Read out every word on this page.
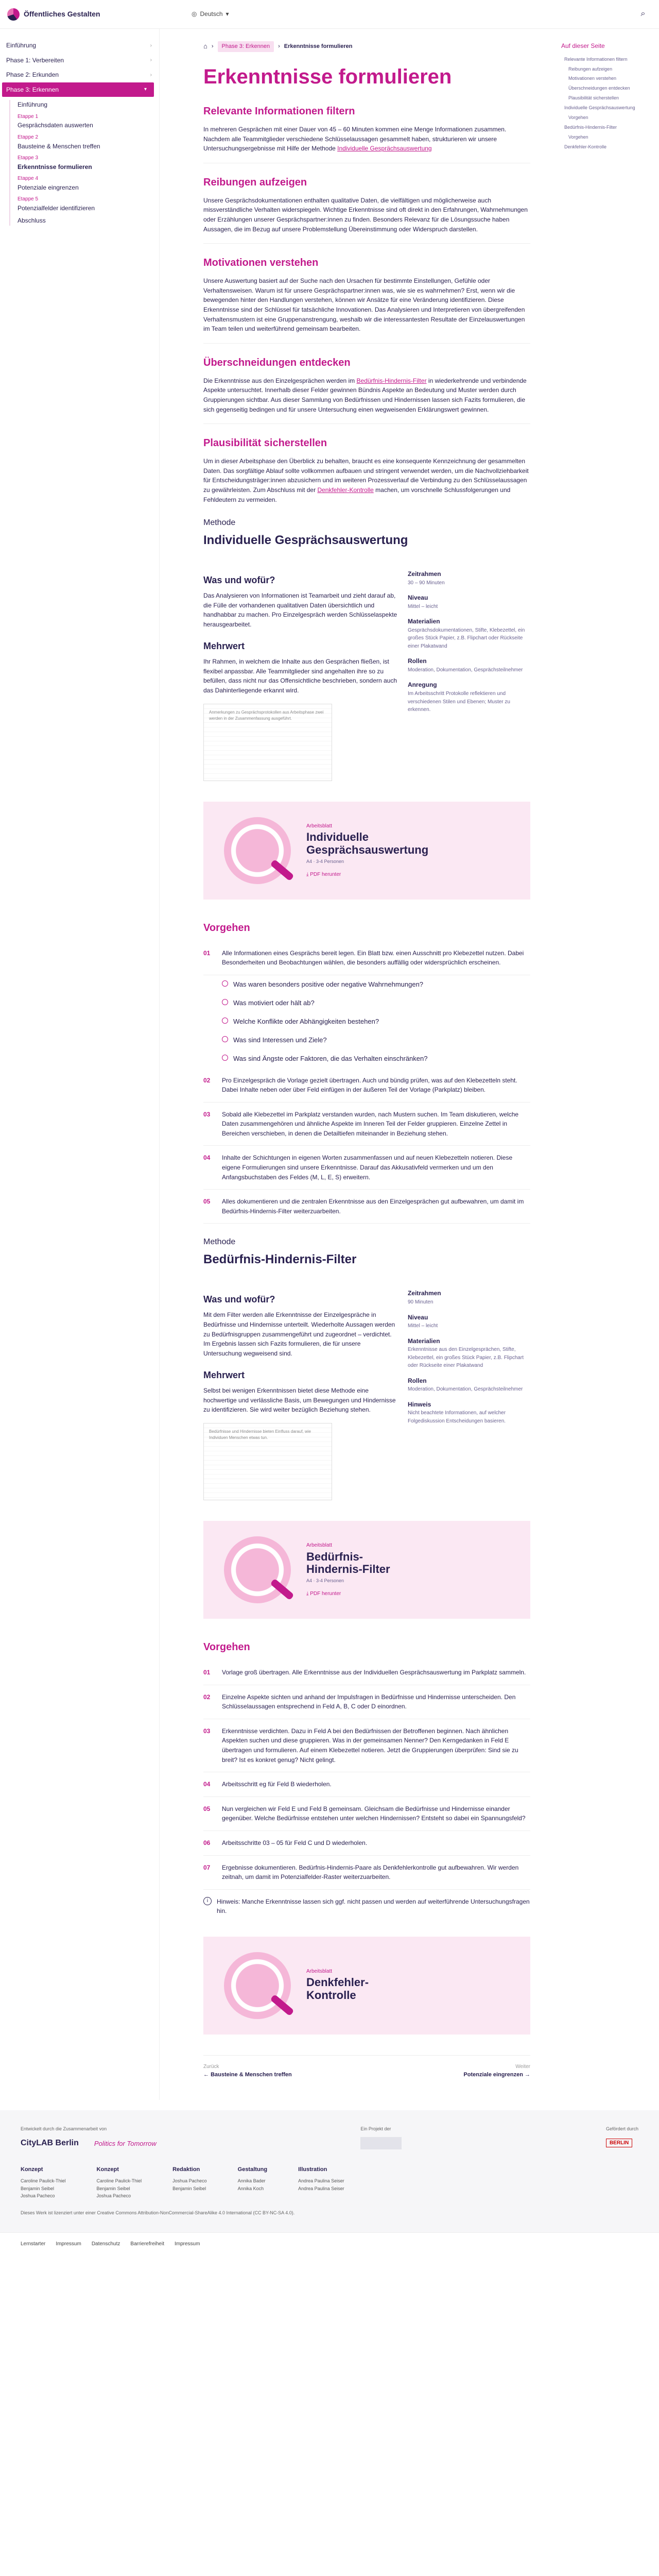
Öffentliches Gestalten	◎ Deutsch ▾	⌕
Einführung	›
Phase 1: Verbereiten	›
Phase 2: Erkunden	›
Phase 3: Erkennen	▾
Einführung
Etappe 1
Gesprächsdaten auswerten
Etappe 2
Bausteine & Menschen treffen
Etappe 3
Erkenntnisse formulieren
Etappe 4
Potenziale eingrenzen
Etappe 5
Potenzialfelder identifizieren
Abschluss
⌂ ›	Phase 3: Erkennen	› Erkenntnisse formulieren
Erkenntnisse formulieren
Relevante Informationen filtern

In mehreren Gesprächen mit einer Dauer von 45 – 60 Minuten kommen eine Menge Informationen zusammen. Nachdem alle Teammitglieder verschiedene Schlüsselaussagen gesammelt haben, strukturieren wir unsere Untersuchungsergebnisse mit Hilfe der Methode Individuelle Gesprächsauswertung

Reibungen aufzeigen

Unsere Gesprächsdokumentationen enthalten qualitative Daten, die vielfältigen und möglicherweise auch missverständliche Verhalten widerspiegeln. Wichtige Erkenntnisse sind oft direkt in den Erfahrungen, Wahrnehmungen oder Erzählungen unserer Gesprächspartner:innen zu finden. Besonders Relevanz für die Lösungssuche haben Aussagen, die im Bezug auf unsere Problemstellung Übereinstimmung oder Widerspruch darstellen.

Motivationen verstehen

Unsere Auswertung basiert auf der Suche nach den Ursachen für bestimmte Einstellungen, Gefühle oder Verhaltensweisen. Warum ist für unsere Gesprächspartner:innen was, wie sie es wahrnehmen? Erst, wenn wir die bewegenden hinter den Handlungen verstehen, können wir Ansätze für eine Veränderung identifizieren. Diese Erkenntnisse sind der Schlüssel für tatsächliche Innovationen. Das Analysieren und Interpretieren von übergreifenden Verhaltensmustern ist eine Gruppenanstrengung, weshalb wir die interessantesten Resultate der Einzelauswertungen im Team teilen und weiterführend gemeinsam bearbeiten.

Überschneidungen entdecken

Die Erkenntnisse aus den Einzelgesprächen werden im Bedürfnis-Hindernis-Filter in wiederkehrende und verbindende Aspekte untersuchtet. Innerhalb dieser Felder gewinnen Bündnis Aspekte an Bedeutung und Muster werden durch Gruppierungen sichtbar. Aus dieser Sammlung von Bedürfnissen und Hindernissen lassen sich Fazits formulieren, die sich gegenseitig bedingen und für unsere Untersuchung einen wegweisenden Erklärungswert gewinnen.

Plausibilität sicherstellen

Um in dieser Arbeitsphase den Überblick zu behalten, braucht es eine konsequente Kennzeichnung der gesammelten Daten. Das sorgfältige Ablauf sollte vollkommen aufbauen und stringent verwendet werden, um die Nachvollziehbarkeit für Entscheidungsträger:innen abzusichern und im weiteren Prozessverlauf die Verbindung zu den Schlüsselaussagen zu gewährleisten. Zum Abschluss mit der Denkfehler-Kontrolle machen, um vorschnelle Schlussfolgerungen und Fehldeutern zu vermeiden.

Methode
Individuelle Gesprächsauswertung
Was und wofür?

Das Analysieren von Informationen ist Teamarbeit und zieht darauf ab, die Fülle der vorhandenen qualitativen Daten übersichtlich und handhabbar zu machen. Pro Einzelgespräch werden Schlüsselaspekte herausgearbeitet.

Mehrwert

Ihr Rahmen, in welchem die Inhalte aus den Gesprächen fließen, ist flexibel anpassbar. Alle Teammitglieder sind angehalten ihre so zu befüllen, dass nicht nur das Offensichtliche beschrieben, sondern auch das Dahinterliegende erkannt wird.

Anmerkungen zu Gesprächsprotokollen aus Arbeitsphase zwei werden in der Zusammenfassung ausgeführt.
Zeitrahmen
30 – 90 Minuten
Niveau
Mittel – leicht
Materialien
Gesprächsdokumentationen, Stifte, Klebezettel, ein großes Stück Papier, z.B. Flipchart oder Rückseite einer Plakatwand
Rollen
Moderation, Dokumentation, Gesprächsteilnehmer
Anregung
Im Arbeitsschritt Protokolle reflektieren und verschiedenen Stilen und Ebenen; Muster zu erkennen.
Arbeitsblatt
Individuelle Gesprächsauswertung
A4 · 3-4 Personen
⤓ PDF herunter
Vorgehen
01	Alle Informationen eines Gesprächs bereit legen. Ein Blatt bzw. einen Ausschnitt pro Klebezettel nutzen. Dabei Besonderheiten und Beobachtungen wählen, die besonders auffällig oder widersprüchlich erscheinen.
Was waren besonders positive oder negative Wahrnehmungen?
Was motiviert oder hält ab?
Welche Konflikte oder Abhängigkeiten bestehen?
Was sind Interessen und Ziele?
Was sind Ängste oder Faktoren, die das Verhalten einschränken?
02	Pro Einzelgespräch die Vorlage gezielt übertragen. Auch und bündig prüfen, was auf den Klebezetteln steht. Dabei Inhalte neben oder über Feld einfügen in der äußeren Teil der Vorlage (Parkplatz) bleiben.
03	Sobald alle Klebezettel im Parkplatz verstanden wurden, nach Mustern suchen. Im Team diskutieren, welche Daten zusammengehören und ähnliche Aspekte im Inneren Teil der Felder gruppieren. Einzelne Zettel in Bereichen verschieben, in denen die Detailtiefen miteinander in Beziehung stehen.
04	Inhalte der Schichtungen in eigenen Worten zusammenfassen und auf neuen Klebezetteln notieren. Diese eigene Formulierungen sind unsere Erkenntnisse. Darauf das Akkusativfeld vermerken und um den Anfangsbuchstaben des Feldes (M, L, E, S) erweitern.
05	Alles dokumentieren und die zentralen Erkenntnisse aus den Einzelgesprächen gut aufbewahren, um damit im Bedürfnis-Hindernis-Filter weiterzuarbeiten.
Methode
Bedürfnis-Hindernis-Filter
Was und wofür?

Mit dem Filter werden alle Erkenntnisse der Einzelgespräche in Bedürfnisse und Hindernisse unterteilt. Wiederholte Aussagen werden zu Bedürfnisgruppen zusammengeführt und zugeordnet – verdichtet. Im Ergebnis lassen sich Fazits formulieren, die für unsere Untersuchung wegweisend sind.

Mehrwert

Selbst bei wenigen Erkenntnissen bietet diese Methode eine hochwertige und verlässliche Basis, um Bewegungen und Hindernisse zu identifizieren. Sie wird weiter bezüglich Beziehung stehen.

Bedürfnisse und Hindernisse bieten Einfluss darauf, wie Individuen Menschen etwas tun.
Zeitrahmen
90 Minuten
Niveau
Mittel – leicht
Materialien
Erkenntnisse aus den Einzelgesprächen, Stifte, Klebezettel, ein großes Stück Papier, z.B. Flipchart oder Rückseite einer Plakatwand
Rollen
Moderation, Dokumentation, Gesprächsteilnehmer
Hinweis
Nicht beachtete Informationen, auf welcher Folgediskussion Entscheidungen basieren.
Arbeitsblatt
Bedürfnis-Hindernis-Filter
A4 · 3-4 Personen
⤓ PDF herunter
Vorgehen
01	Vorlage groß übertragen. Alle Erkenntnisse aus der Individuellen Gesprächsauswertung im Parkplatz sammeln.
02	Einzelne Aspekte sichten und anhand der Impulsfragen in Bedürfnisse und Hindernisse unterscheiden. Den Schlüsselaussagen entsprechend in Feld A, B, C oder D einordnen.
03	Erkenntnisse verdichten. Dazu in Feld A bei den Bedürfnissen der Betroffenen beginnen. Nach ähnlichen Aspekten suchen und diese gruppieren. Was in der gemeinsamen Nenner? Den Kerngedanken in Feld E übertragen und formulieren. Auf einem Klebezettel notieren. Jetzt die Gruppierungen überprüfen: Sind sie zu breit? Ist es konkret genug? Nicht gelingt.
04	Arbeitsschritt eg für Feld B wiederholen.
05	Nun vergleichen wir Feld E und Feld B gemeinsam. Gleichsam die Bedürfnisse und Hindernisse einander gegenüber. Welche Bedürfnisse entstehen unter welchen Hindernissen? Entsteht so dabei ein Spannungsfeld?
06	Arbeitsschritte 03 – 05 für Feld C und D wiederholen.
07	Ergebnisse dokumentieren. Bedürfnis-Hindernis-Paare als Denkfehlerkontrolle gut aufbewahren. Wir werden zeitnah, um damit im Potenzialfelder-Raster weiterzuarbeiten.
i	Hinweis: Manche Erkenntnisse lassen sich ggf. nicht passen und werden auf weiterführende Untersuchungsfragen hin.
Arbeitsblatt
Denkfehler-Kontrolle
Zurück
← Bausteine & Menschen treffen
Weiter
Potenziale eingrenzen →
Auf dieser Seite
Relevante Informationen filtern
Reibungen aufzeigen
Motivationen verstehen
Überschneidungen entdecken
Plausibilität sicherstellen
Individuelle Gesprächsauswertung
Vorgehen
Bedürfnis-Hindernis-Filter
Vorgehen
Denkfehler-Kontrolle
Entwickelt durch die Zusammenarbeit von
CityLAB Berlin Politics for Tomorrow
Ein Projekt der	Gefördert durch
BERLIN
Konzept
Caroline Paulick-Thiel
Benjamin Seibel
Joshua Pacheco
Konzept
Caroline Paulick-Thiel
Benjamin Seibel
Joshua Pacheco
Redaktion
Joshua Pacheco
Benjamin Seibel
Gestaltung
Annika Bader
Annika Koch
Illustration
Andrea Paulina Seiser
Andrea Paulina Seiser
Dieses Werk ist lizenziert unter einer Creative Commons Attribution-NonCommercial-ShareAlike 4.0 International (CC BY-NC-SA 4.0).
Lernstarter Impressum Datenschutz Barrierefreiheit Impressum
